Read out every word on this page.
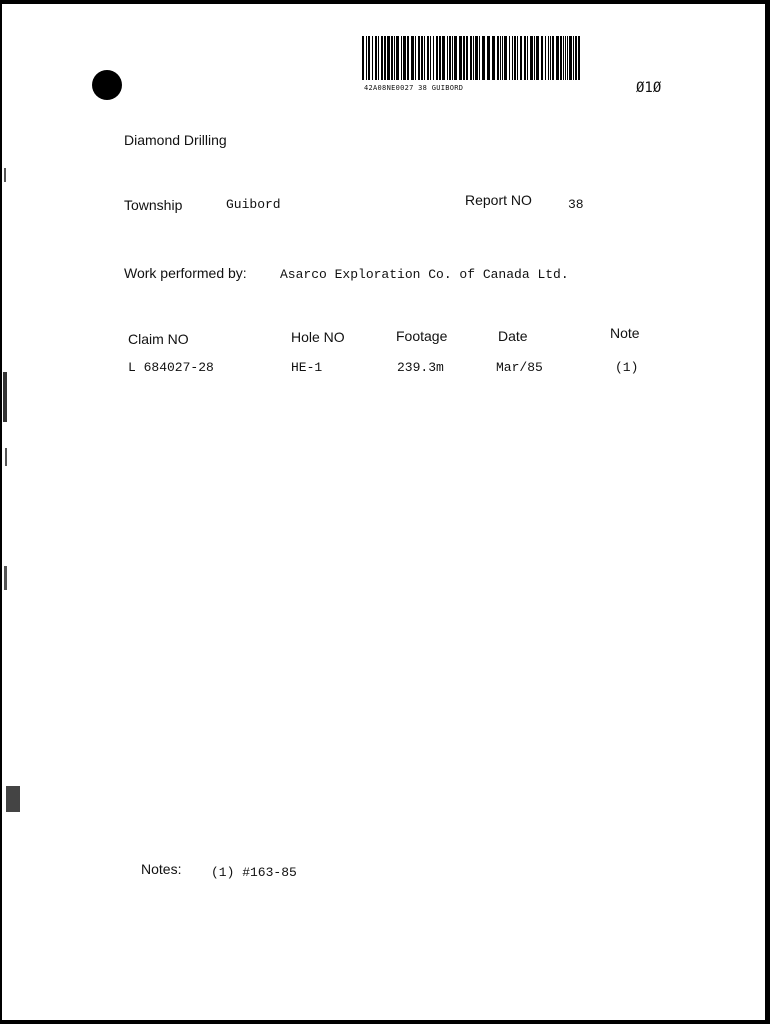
42A08NE0027 38 GUIBORD	Ø1Ø
Diamond Drilling
Township	Guibord	Report NO	38
Work performed by:	Asarco Exploration Co. of Canada Ltd.
Claim NO	Hole NO	Footage	Date	Note
L 684027-28	HE-1	239.3m	Mar/85	(1)
Notes: (1) #163-85
